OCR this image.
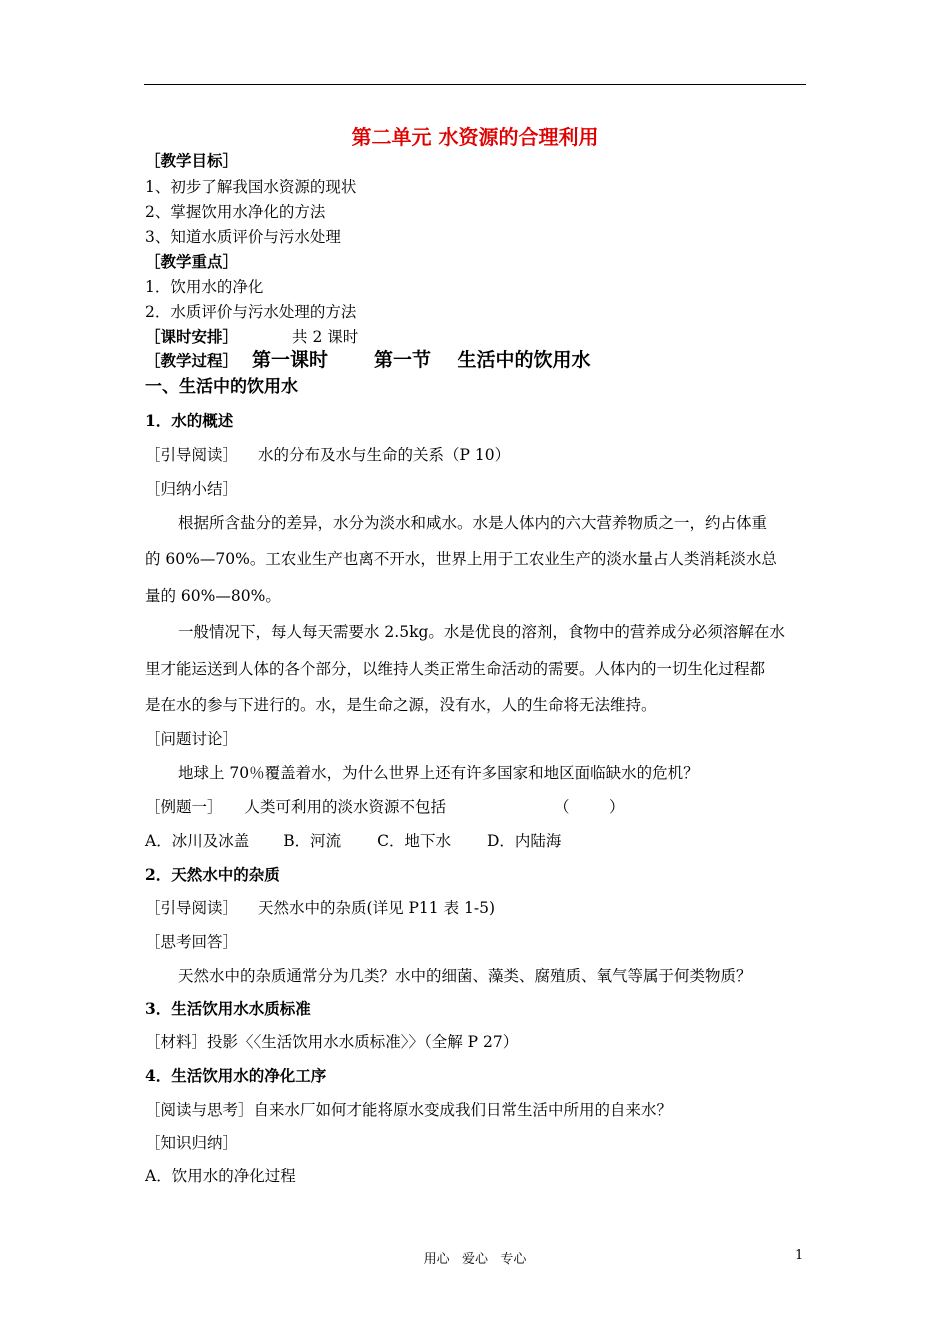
第二单元 水资源的合理利用
［教学目标］
1、初步了解我国水资源的现状
2、掌握饮用水净化的方法
3、知道水质评价与污水处理
［教学重点］
1．饮用水的净化
2．水质评价与污水处理的方法
［课时安排］	共 2 课时
［教学过程］ 第一课时 第一节    生活中的饮用水
一、生活中的饮用水
1．水的概述
［引导阅读］ 水的分布及水与生命的关系（P 10）
［归纳小结］
根据所含盐分的差异，水分为淡水和咸水。水是人体内的六大营养物质之一，约占体重
的 60%—70%。工农业生产也离不开水，世界上用于工农业生产的淡水量占人类消耗淡水总
量的 60%—80%。
一般情况下，每人每天需要水 2.5kg。水是优良的溶剂，食物中的营养成分必须溶解在水
里才能运送到人体的各个部分，以维持人类正常生命活动的需要。人体内的一切生化过程都
是在水的参与下进行的。水，是生命之源，没有水，人的生命将无法维持。
［问题讨论］
地球上 70％覆盖着水，为什么世界上还有许多国家和地区面临缺水的危机？
［例题一］ 人类可利用的淡水资源不包括	（        ）
A．冰川及冰盖 B．河流 C．地下水 D．内陆海
2．天然水中的杂质
［引导阅读］ 天然水中的杂质(详见 P11 表 1-5)
［思考回答］
天然水中的杂质通常分为几类？水中的细菌、藻类、腐殖质、氧气等属于何类物质？
3．生活饮用水水质标准
［材料］投影〈〈生活饮用水水质标准〉〉（全解 P 27）
4．生活饮用水的净化工序
［阅读与思考］自来水厂如何才能将原水变成我们日常生活中所用的自来水？
［知识归纳］
A．饮用水的净化过程
用心   爱心   专心	1
